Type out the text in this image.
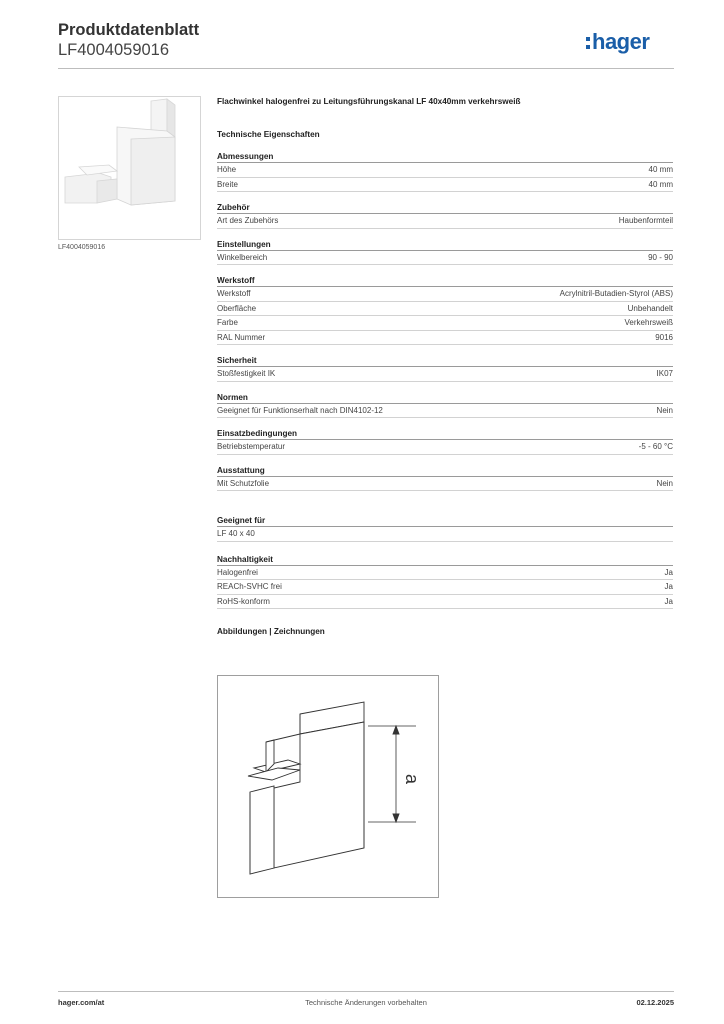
Produktdatenblatt
LF4004059016	hager
LF4004059016
Flachwinkel halogenfrei zu Leitungsführungskanal LF 40x40mm verkehrsweiß
Technische Eigenschaften
Abmessungen
Höhe	40 mm
Breite	40 mm
Zubehör
Art des Zubehörs	Haubenformteil
Einstellungen
Winkelbereich	90 - 90
Werkstoff
Werkstoff	Acrylnitril-Butadien-Styrol (ABS)
Oberfläche	Unbehandelt
Farbe	Verkehrsweiß
RAL Nummer	9016
Sicherheit
Stoßfestigkeit IK	IK07
Normen
Geeignet für Funktionserhalt nach DIN4102-12	Nein
Einsatzbedingungen
Betriebstemperatur	-5 - 60 °C
Ausstattung
Mit Schutzfolie	Nein
Geeignet für
LF 40 x 40
Nachhaltigkeit
Halogenfrei	Ja
REACh-SVHC frei	Ja
RoHS-konform	Ja
Abbildungen | Zeichnungen
a
hager.com/at	Technische Änderungen vorbehalten	02.12.2025
